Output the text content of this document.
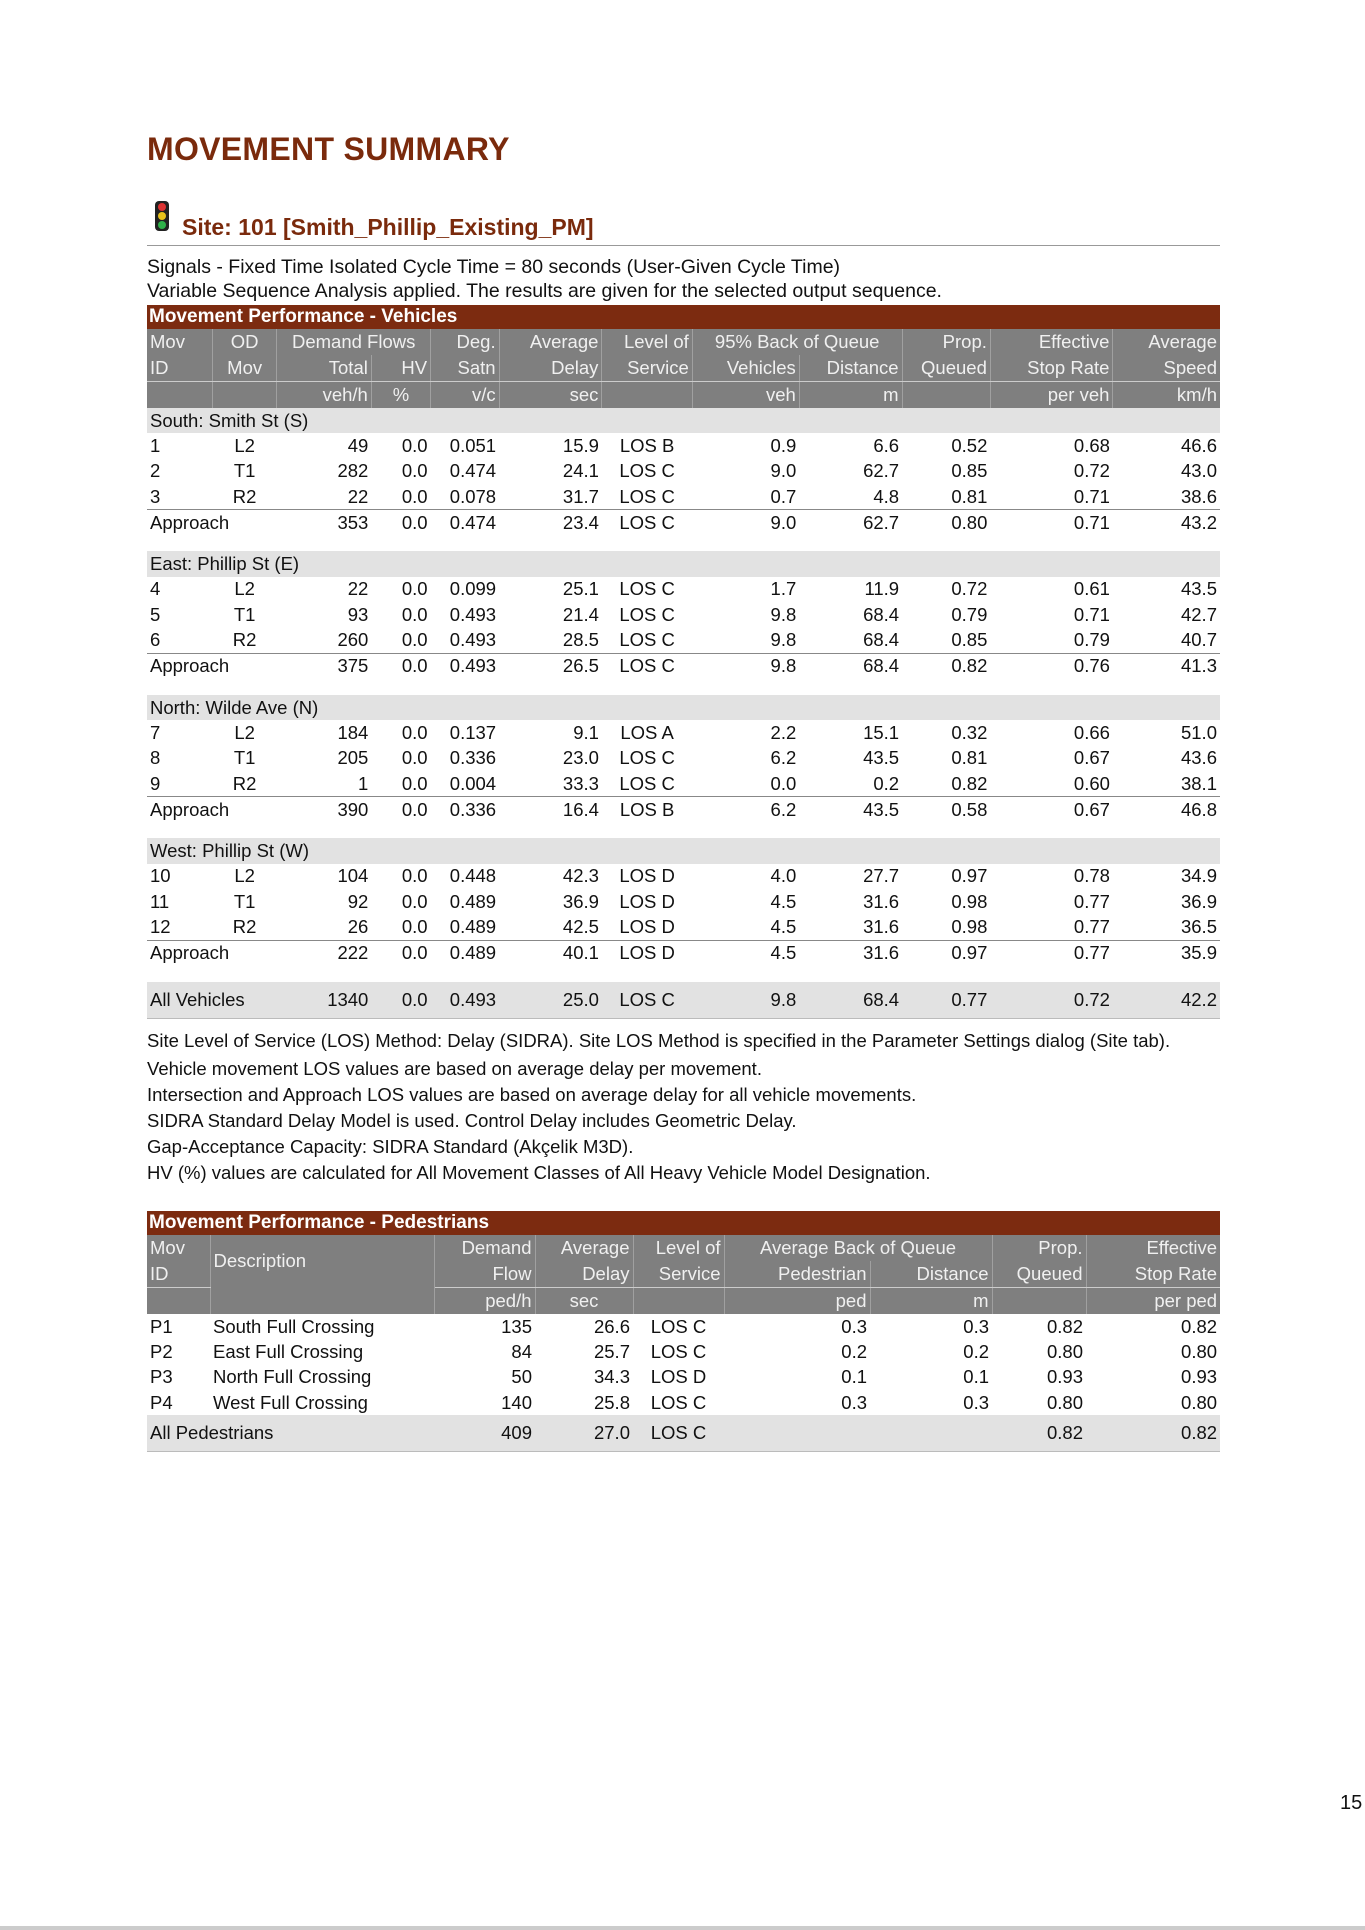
MOVEMENT SUMMARY
Site: 101 [Smith_Phillip_Existing_PM]
Signals - Fixed Time Isolated Cycle Time = 80 seconds (User-Given Cycle Time)
Variable Sequence Analysis applied. The results are given for the selected output sequence.
Movement Performance - Vehicles											
Mov	OD	Demand Flows		Deg.	Average	Level of	95% Back of Queue		Prop.	Effective	Average
ID	Mov	Total	HV	Satn	Delay	Service	Vehicles	Distance	Queued	Stop Rate	Speed
		veh/h	%	v/c	sec		veh	m		per veh	km/h
South: Smith St (S)											
1	L2	49	0.0	0.051	15.9	LOS B	0.9	6.6	0.52	0.68	46.6
2	T1	282	0.0	0.474	24.1	LOS C	9.0	62.7	0.85	0.72	43.0
3	R2	22	0.0	0.078	31.7	LOS C	0.7	4.8	0.81	0.71	38.6
Approach		353	0.0	0.474	23.4	LOS C	9.0	62.7	0.80	0.71	43.2

East: Phillip St (E)											
4	L2	22	0.0	0.099	25.1	LOS C	1.7	11.9	0.72	0.61	43.5
5	T1	93	0.0	0.493	21.4	LOS C	9.8	68.4	0.79	0.71	42.7
6	R2	260	0.0	0.493	28.5	LOS C	9.8	68.4	0.85	0.79	40.7
Approach		375	0.0	0.493	26.5	LOS C	9.8	68.4	0.82	0.76	41.3

North: Wilde Ave (N)											
7	L2	184	0.0	0.137	9.1	LOS A	2.2	15.1	0.32	0.66	51.0
8	T1	205	0.0	0.336	23.0	LOS C	6.2	43.5	0.81	0.67	43.6
9	R2	1	0.0	0.004	33.3	LOS C	0.0	0.2	0.82	0.60	38.1
Approach		390	0.0	0.336	16.4	LOS B	6.2	43.5	0.58	0.67	46.8

West: Phillip St (W)											
10	L2	104	0.0	0.448	42.3	LOS D	4.0	27.7	0.97	0.78	34.9
11	T1	92	0.0	0.489	36.9	LOS D	4.5	31.6	0.98	0.77	36.9
12	R2	26	0.0	0.489	42.5	LOS D	4.5	31.6	0.98	0.77	36.5
Approach		222	0.0	0.489	40.1	LOS D	4.5	31.6	0.97	0.77	35.9

All Vehicles		1340	0.0	0.493	25.0	LOS C	9.8	68.4	0.77	0.72	42.2

Site Level of Service (LOS) Method: Delay (SIDRA). Site LOS Method is specified in the Parameter Settings dialog (Site tab).

Vehicle movement LOS values are based on average delay per movement.

Intersection and Approach LOS values are based on average delay for all vehicle movements.

SIDRA Standard Delay Model is used. Control Delay includes Geometric Delay.

Gap-Acceptance Capacity: SIDRA Standard (Akçelik M3D).

HV (%) values are calculated for All Movement Classes of All Heavy Vehicle Model Designation.

Movement Performance - Pedestrians								
Mov	Description	Demand	Average	Level of	Average Back of Queue		Prop.	Effective
ID		Flow	Delay	Service	Pedestrian	Distance	Queued	Stop Rate
		ped/h	sec		ped	m		per ped
P1	South Full Crossing	135	26.6	LOS C	0.3	0.3	0.82	0.82
P2	East Full Crossing	84	25.7	LOS C	0.2	0.2	0.80	0.80
P3	North Full Crossing	50	34.3	LOS D	0.1	0.1	0.93	0.93
P4	West Full Crossing	140	25.8	LOS C	0.3	0.3	0.80	0.80
All Pedestrians		409	27.0	LOS C			0.82	0.82
15
